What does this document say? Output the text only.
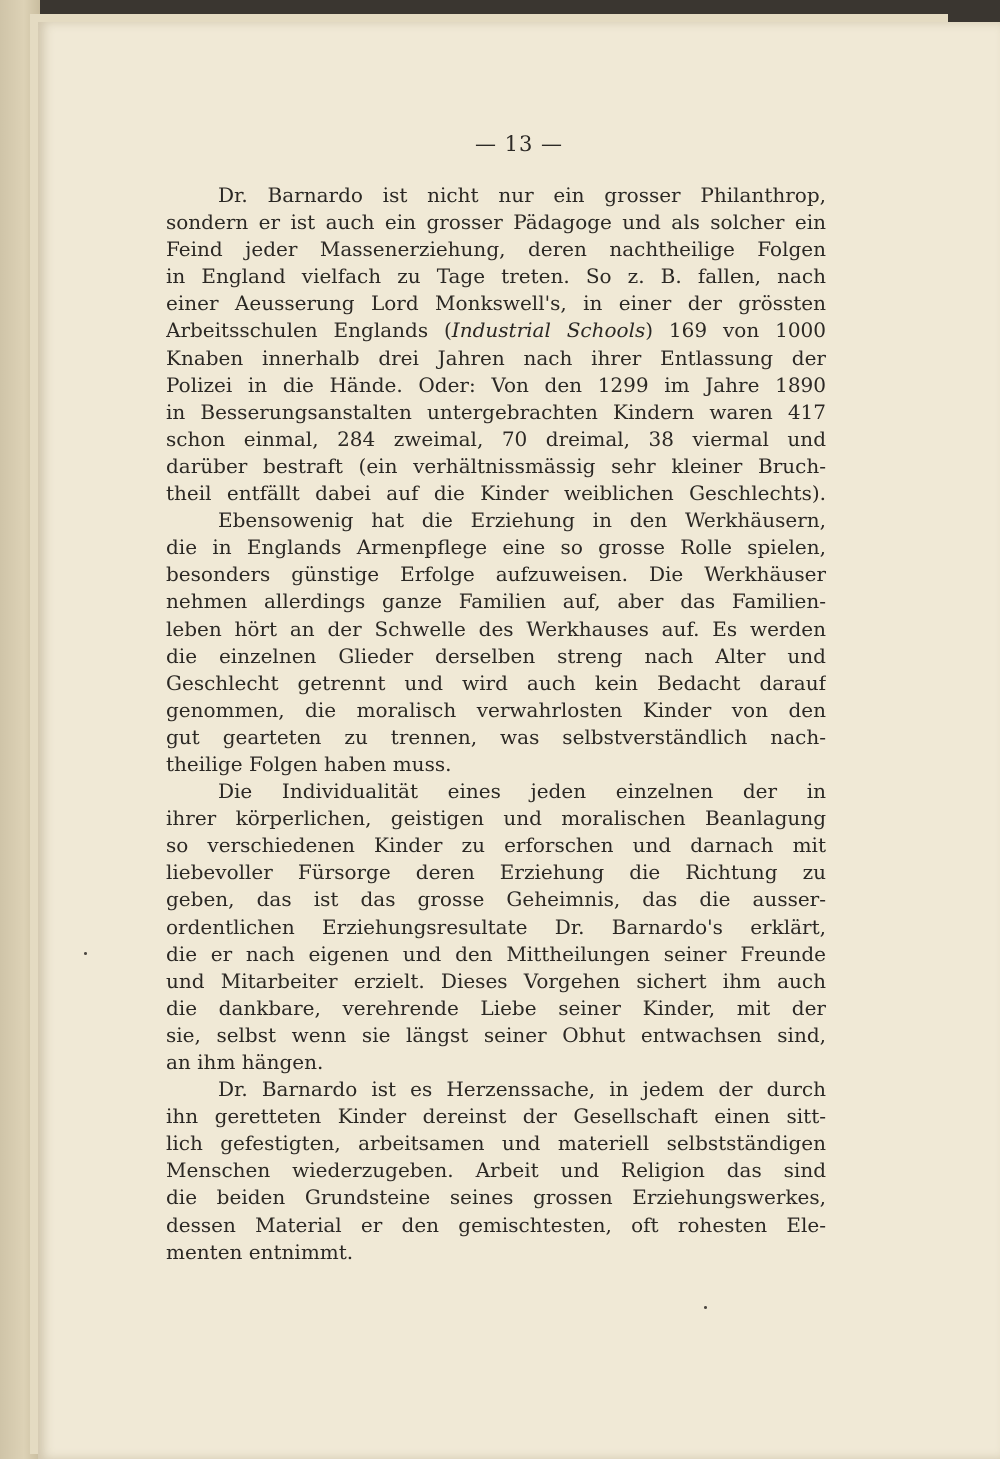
— 13 —
Dr. Barnardo ist nicht nur ein grosser Philanthrop,
sondern er ist auch ein grosser Pädagoge und als solcher ein
Feind jeder Massenerziehung, deren nachtheilige Folgen
in England vielfach zu Tage treten. So z. B. fallen, nach
einer Aeusserung Lord Monkswell's, in einer der grössten
Arbeitsschulen Englands (Industrial Schools) 169 von 1000
Knaben innerhalb drei Jahren nach ihrer Entlassung der
Polizei in die Hände. Oder: Von den 1299 im Jahre 1890
in Besserungsanstalten untergebrachten Kindern waren 417
schon einmal, 284 zweimal, 70 dreimal, 38 viermal und
darüber bestraft (ein verhältnissmässig sehr kleiner Bruch-
theil entfällt dabei auf die Kinder weiblichen Geschlechts).
Ebensowenig hat die Erziehung in den Werkhäusern,
die in Englands Armenpflege eine so grosse Rolle spielen,
besonders günstige Erfolge aufzuweisen. Die Werkhäuser
nehmen allerdings ganze Familien auf, aber das Familien-
leben hört an der Schwelle des Werkhauses auf. Es werden
die einzelnen Glieder derselben streng nach Alter und
Geschlecht getrennt und wird auch kein Bedacht darauf
genommen, die moralisch verwahrlosten Kinder von den
gut gearteten zu trennen, was selbstverständlich nach-
theilige Folgen haben muss.
Die Individualität eines jeden einzelnen der in
ihrer körperlichen, geistigen und moralischen Beanlagung
so verschiedenen Kinder zu erforschen und darnach mit
liebevoller Fürsorge deren Erziehung die Richtung zu
geben, das ist das grosse Geheimnis, das die ausser-
ordentlichen Erziehungsresultate Dr. Barnardo's erklärt,
die er nach eigenen und den Mittheilungen seiner Freunde
und Mitarbeiter erzielt. Dieses Vorgehen sichert ihm auch
die dankbare, verehrende Liebe seiner Kinder, mit der
sie, selbst wenn sie längst seiner Obhut entwachsen sind,
an ihm hängen.
Dr. Barnardo ist es Herzenssache, in jedem der durch
ihn geretteten Kinder dereinst der Gesellschaft einen sitt-
lich gefestigten, arbeitsamen und materiell selbstständigen
Menschen wiederzugeben. Arbeit und Religion das sind
die beiden Grundsteine seines grossen Erziehungswerkes,
dessen Material er den gemischtesten, oft rohesten Ele-
menten entnimmt.
